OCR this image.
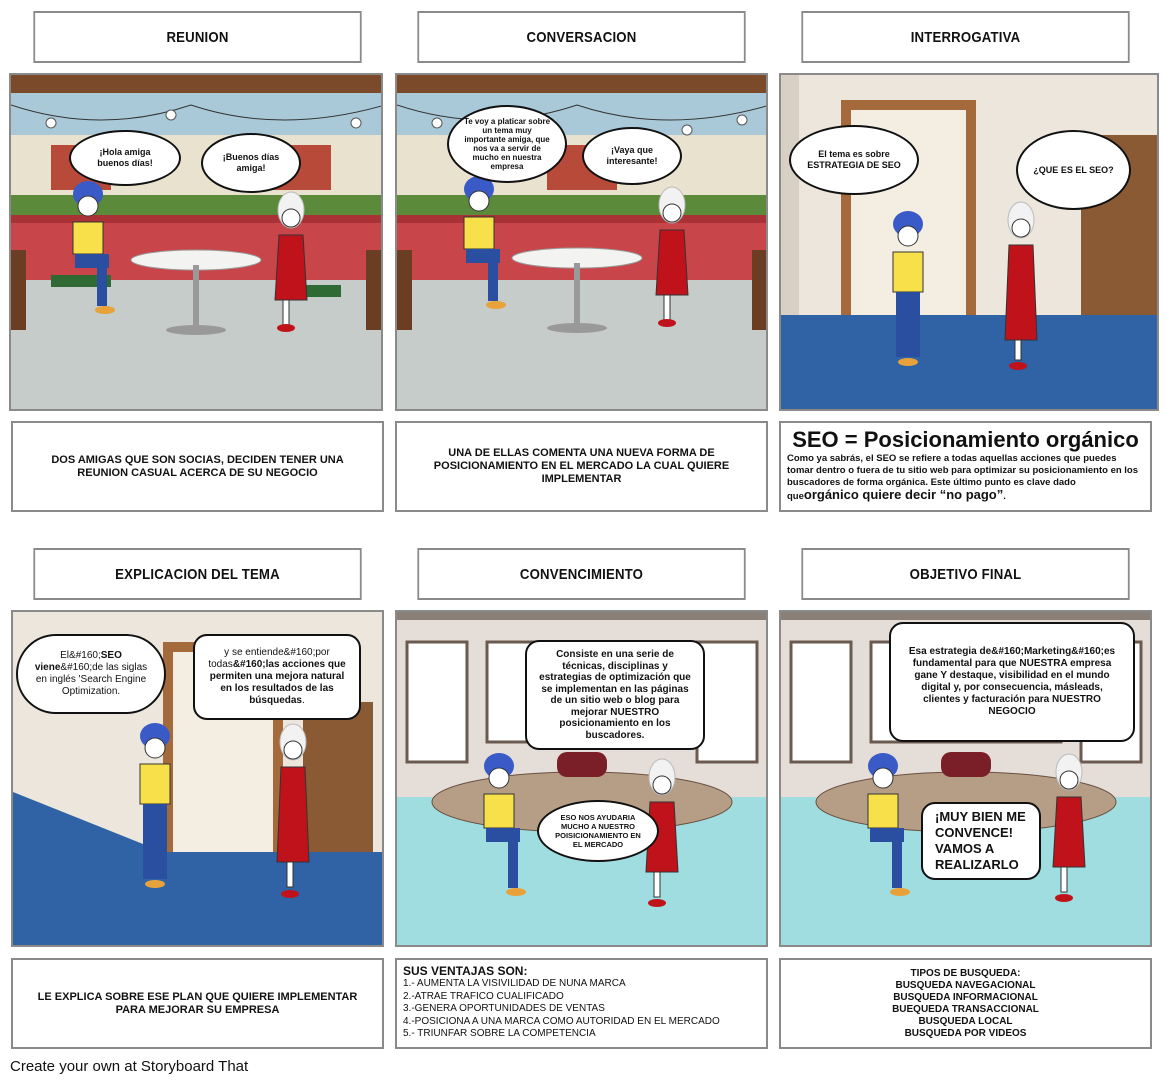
REUNION	CONVERSACION	INTERROGATIVA
¡Hola amiga buenos días!
¡Buenos días amiga!
Te voy a platicar sobre un tema muy importante amiga, que nos va a servir de mucho en nuestra empresa
¡Vaya que interesante!
El tema es sobre ESTRATEGIA DE SEO	¿QUE ES EL SEO?
DOS AMIGAS QUE SON SOCIAS, DECIDEN TENER UNA REUNION CASUAL ACERCA DE SU NEGOCIO
UNA DE ELLAS COMENTA UNA NUEVA FORMA DE POSICIONAMIENTO EN EL MERCADO LA CUAL QUIERE IMPLEMENTAR
SEO = Posicionamiento orgánico
Como ya sabrás, el SEO se refiere a todas aquellas acciones que puedes tomar dentro o fuera de tu sitio web para optimizar su posicionamiento en los buscadores de forma orgánica. Este último punto es clave dado queorgánico quiere decir “no pago”.
EXPLICACION DEL TEMA	CONVENCIMIENTO	OBJETIVO FINAL
El&#160;SEO viene&#160;de las siglas en inglés 'Search Engine Optimization.
y se entiende&#160;por todas&#160;las acciones que permiten una mejora natural en los resultados de las búsquedas.
Consiste en una serie de técnicas, disciplinas y estrategias de optimización que se implementan en las páginas de un sitio web o blog para mejorar NUESTRO posicionamiento en los buscadores.
ESO NOS AYUDARIA MUCHO A NUESTRO POISICIONAMIENTO EN EL MERCADO
Esa estrategia de&#160;Marketing&#160;es fundamental para que NUESTRA empresa gane Y destaque, visibilidad en el mundo digital y, por consecuencia, másleads, clientes y facturación para NUESTRO NEGOCIO
¡MUY BIEN ME CONVENCE! VAMOS A REALIZARLO
LE EXPLICA SOBRE ESE PLAN QUE QUIERE IMPLEMENTAR PARA MEJORAR SU EMPRESA
SUS VENTAJAS SON:
1.- AUMENTA LA VISIVILIDAD DE NUNA MARCA
2.-ATRAE TRAFICO CUALIFICADO
3.-GENERA OPORTUNIDADES DE VENTAS
4.-POSICIONA A UNA MARCA COMO AUTORIDAD EN EL MERCADO
5.- TRIUNFAR SOBRE LA COMPETENCIA
TIPOS DE BUSQUEDA:
BUSQUEDA NAVEGACIONAL
BUSQUEDA INFORMACIONAL
BUEQUEDA TRANSACCIONAL
BUSQUEDA LOCAL
BUSQUEDA POR VIDEOS
Create your own at Storyboard That
